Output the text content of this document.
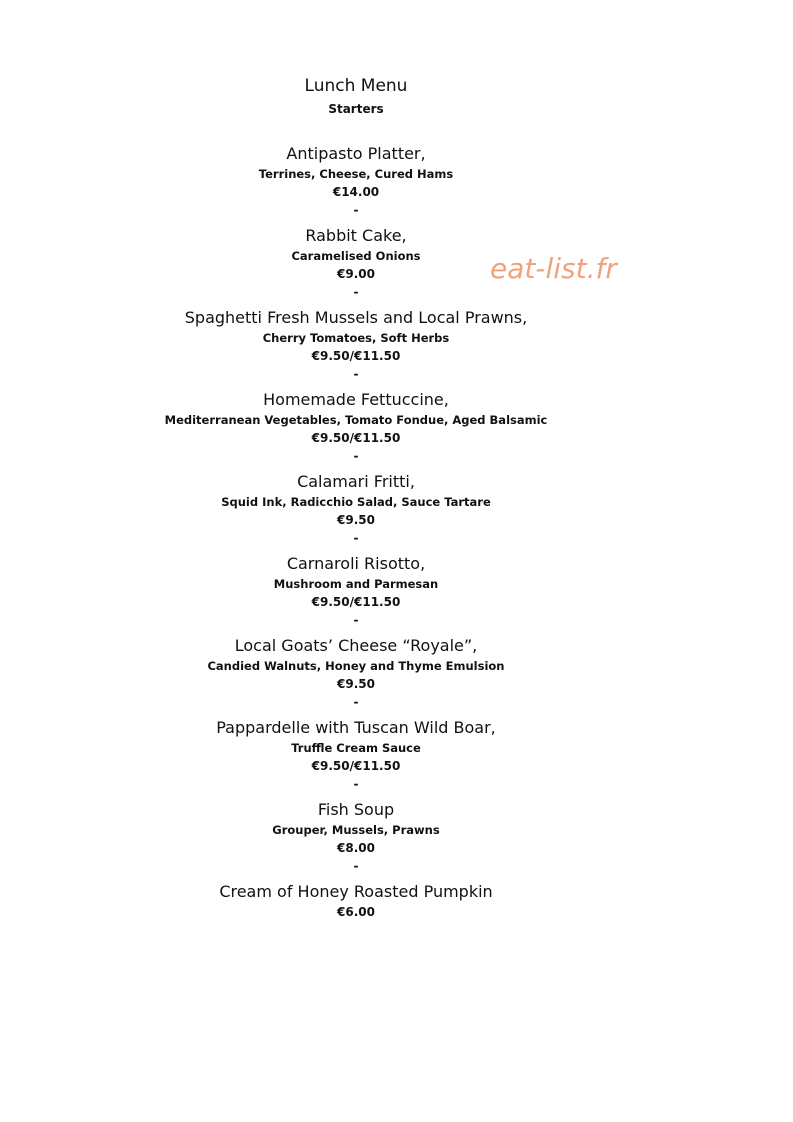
Lunch Menu
Starters
Antipasto Platter,
Terrines, Cheese, Cured Hams
€14.00
-
Rabbit Cake,
Caramelised Onions
€9.00
-
Spaghetti Fresh Mussels and Local Prawns,
Cherry Tomatoes, Soft Herbs
€9.50/€11.50
-
Homemade Fettuccine,
Mediterranean Vegetables, Tomato Fondue, Aged Balsamic
€9.50/€11.50
-
Calamari Fritti,
Squid Ink, Radicchio Salad, Sauce Tartare
€9.50
-
Carnaroli Risotto,
Mushroom and Parmesan
€9.50/€11.50
-
Local Goats’ Cheese “Royale”,
Candied Walnuts, Honey and Thyme Emulsion
€9.50
-
Pappardelle with Tuscan Wild Boar,
Truffle Cream Sauce
€9.50/€11.50
-
Fish Soup
Grouper, Mussels, Prawns
€8.00
-
Cream of Honey Roasted Pumpkin
€6.00
eat-list.fr
